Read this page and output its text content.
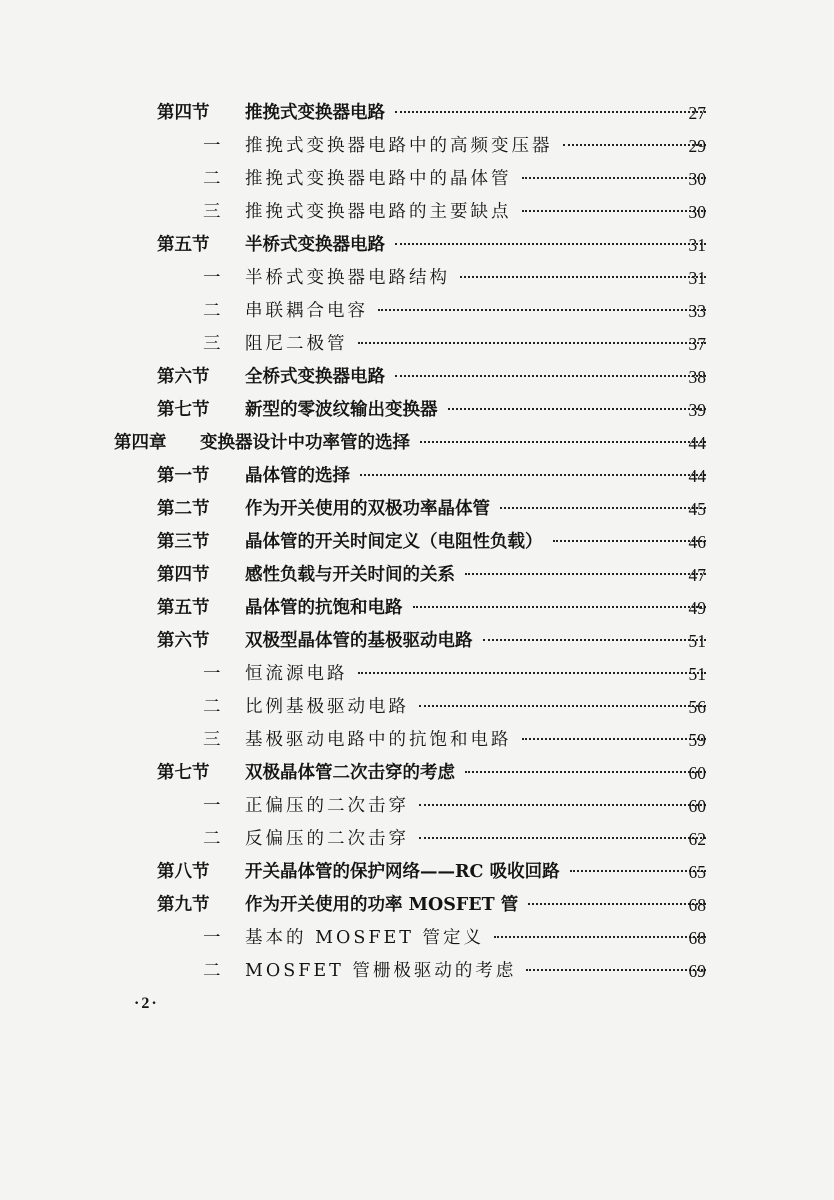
第四节 推挽式变换器电路	27
一 推挽式变换器电路中的高频变压器	29
二 推挽式变换器电路中的晶体管	30
三 推挽式变换器电路的主要缺点	30
第五节 半桥式变换器电路	31
一 半桥式变换器电路结构	31
二 串联耦合电容	33
三 阻尼二极管	37
第六节 全桥式变换器电路	38
第七节 新型的零波纹输出变换器	39
第四章 变换器设计中功率管的选择	44
第一节 晶体管的选择	44
第二节 作为开关使用的双极功率晶体管	45
第三节 晶体管的开关时间定义（电阻性负载）	46
第四节 感性负载与开关时间的关系	47
第五节 晶体管的抗饱和电路	49
第六节 双极型晶体管的基极驱动电路	51
一 恒流源电路	51
二 比例基极驱动电路	56
三 基极驱动电路中的抗饱和电路	59
第七节 双极晶体管二次击穿的考虑	60
一 正偏压的二次击穿	60
二 反偏压的二次击穿	62
第八节 开关晶体管的保护网络——RC 吸收回路	65
第九节 作为开关使用的功率 MOSFET 管	68
一 基本的 MOSFET 管定义	68
二 MOSFET 管栅极驱动的考虑	69
·2·
